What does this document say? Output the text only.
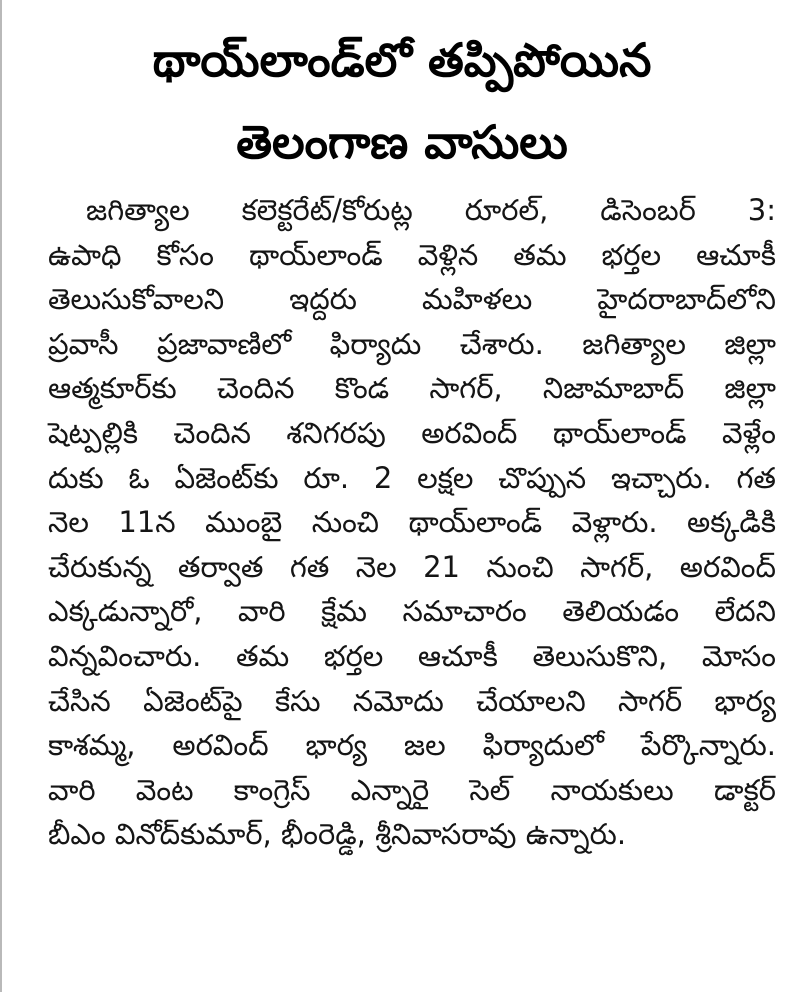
థాయ్‌లాండ్‌లో తప్పిపోయిన
తెలంగాణ వాసులు
జగిత్యాల కలెక్టరేట్/కోరుట్ల రూరల్, డిసెంబర్ 3:
ఉపాధి కోసం థాయ్‌లాండ్ వెళ్లిన తమ భర్తల ఆచూకీ
తెలుసుకోవాలని ఇద్దరు మహిళలు హైదరాబాద్‌లోని
ప్రవాసీ ప్రజావాణిలో ఫిర్యాదు చేశారు. జగిత్యాల జిల్లా
ఆత్మకూర్‌కు చెందిన కొండ సాగర్, నిజామాబాద్ జిల్లా
షెట్పల్లికి చెందిన శనిగరపు అరవింద్ థాయ్‌లాండ్ వెళ్లేం
దుకు ఓ ఏజెంట్‌కు రూ. 2 లక్షల చొప్పున ఇచ్చారు. గత
నెల 11న ముంబై నుంచి థాయ్‌లాండ్ వెళ్లారు. అక్కడికి
చేరుకున్న తర్వాత గత నెల 21 నుంచి సాగర్, అరవింద్
ఎక్కడున్నారో, వారి క్షేమ సమాచారం తెలియడం లేదని
విన్నవించారు. తమ భర్తల ఆచూకీ తెలుసుకొని, మోసం
చేసిన ఏజెంట్‌పై కేసు నమోదు చేయాలని సాగర్ భార్య
కాశమ్మ, అరవింద్ భార్య జల ఫిర్యాదులో పేర్కొన్నారు.
వారి వెంట కాంగ్రెస్ ఎన్నారై సెల్ నాయకులు డాక్టర్
బీఎం వినోద్‌కుమార్, భీంరెడ్డి, శ్రీనివాసరావు ఉన్నారు.
